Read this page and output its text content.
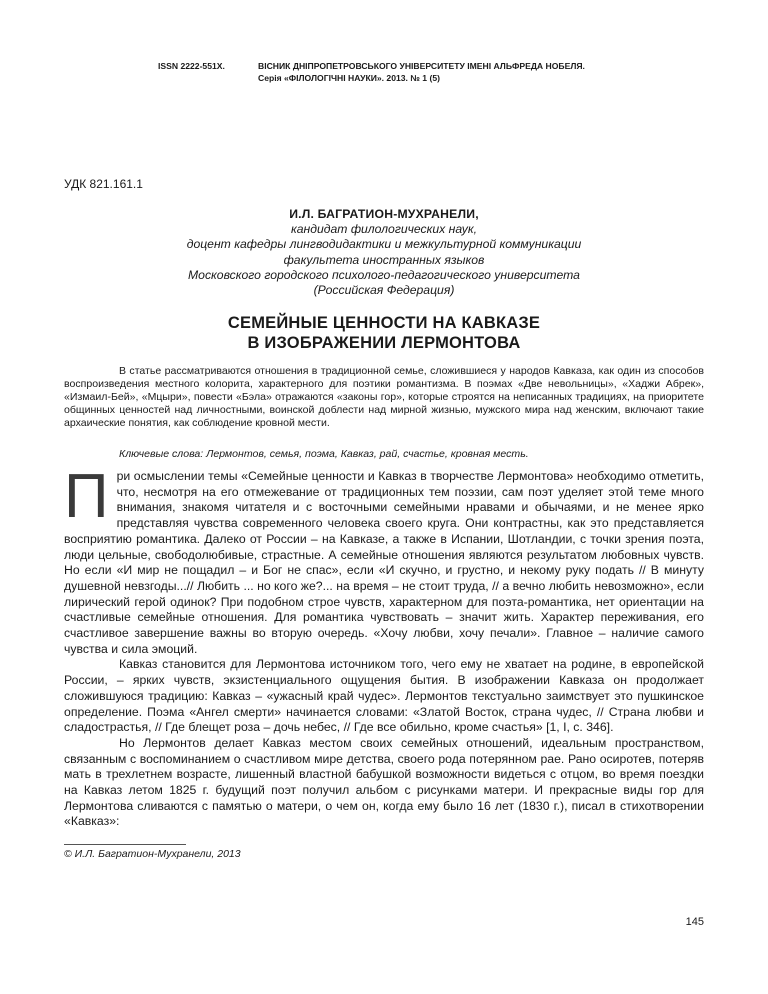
ISSN 2222-551X.	ВІСНИК ДНІПРОПЕТРОВСЬКОГО УНІВЕРСИТЕТУ ІМЕНІ АЛЬФРЕДА НОБЕЛЯ.
Серія «ФІЛОЛОГІЧНІ НАУКИ». 2013. № 1 (5)
УДК 821.161.1
И.Л. БАГРАТИОН-МУХРАНЕЛИ,
кандидат филологических наук,
доцент кафедры лингводидактики и межкультурной коммуникации
факультета иностранных языков
Московского городского психолого-педагогического университета
(Российская Федерация)
СЕМЕЙНЫЕ ЦЕННОСТИ НА КАВКАЗЕ
В ИЗОБРАЖЕНИИ ЛЕРМОНТОВА

В статье рассматриваются отношения в традиционной семье, сложившиеся у народов Кавказа, как один из способов воспроизведения местного колорита, характерного для поэтики романтизма. В поэмах «Две невольницы», «Хаджи Абрек», «Измаил-Бей», «Мцыри», повести «Бэла» отражаются «законы гор», которые строятся на неписанных традициях, на приоритете общинных ценностей над личностными, воинской доблести над мирной жизнью, мужского мира над женским, включают такие архаические понятия, как соблюдение кровной мести.

Ключевые слова: Лермонтов, семья, поэма, Кавказ, рай, счастье, кровная месть.

При осмыслении темы «Семейные ценности и Кавказ в творчестве Лермонтова» необходимо отметить, что, несмотря на его отмежевание от традиционных тем поэзии, сам поэт уделяет этой теме много внимания, знакомя читателя и с восточными семейными нравами и обычаями, и не менее ярко представляя чувства современного человека своего круга. Они контрастны, как это представляется восприятию романтика. Далеко от России – на Кавказе, а также в Испании, Шотландии, с точки зрения поэта, люди цельные, свободолюбивые, страстные. А семейные отношения являются результатом любовных чувств. Но если «И мир не пощадил – и Бог не спас», если «И скучно, и грустно, и некому руку подать // В минуту душевной невзгоды...// Любить ... но кого же?... на время – не стоит труда, // а вечно любить невозможно», если лирический герой одинок? При подобном строе чувств, характерном для поэта-романтика, нет ориентации на счастливые семейные отношения. Для романтика чувствовать – значит жить. Характер переживания, его счастливое завершение важны во вторую очередь. «Хочу любви, хочу печали». Главное – наличие самого чувства и сила эмоций.

Кавказ становится для Лермонтова источником того, чего ему не хватает на родине, в европейской России, – ярких чувств, экзистенциального ощущения бытия. В изображении Кавказа он продолжает сложившуюся традицию: Кавказ – «ужасный край чудес». Лермонтов текстуально заимствует это пушкинское определение. Поэма «Ангел смерти» начинается словами: «Златой Восток, страна чудес, // Страна любви и сладострастья, // Где блещет роза – дочь небес, // Где все обильно, кроме счастья» [1, I, с. 346].

Но Лермонтов делает Кавказ местом своих семейных отношений, идеальным пространством, связанным с воспоминанием о счастливом мире детства, своего рода потерянном рае. Рано осиротев, потеряв мать в трехлетнем возрасте, лишенный властной бабушкой возможности видеться с отцом, во время поездки на Кавказ летом 1825 г. будущий поэт получил альбом с рисунками матери. И прекрасные виды гор для Лермонтова сливаются с памятью о матери, о чем он, когда ему было 16 лет (1830 г.), писал в стихотворении «Кавказ»:

© И.Л. Багратион-Мухранели, 2013
145
